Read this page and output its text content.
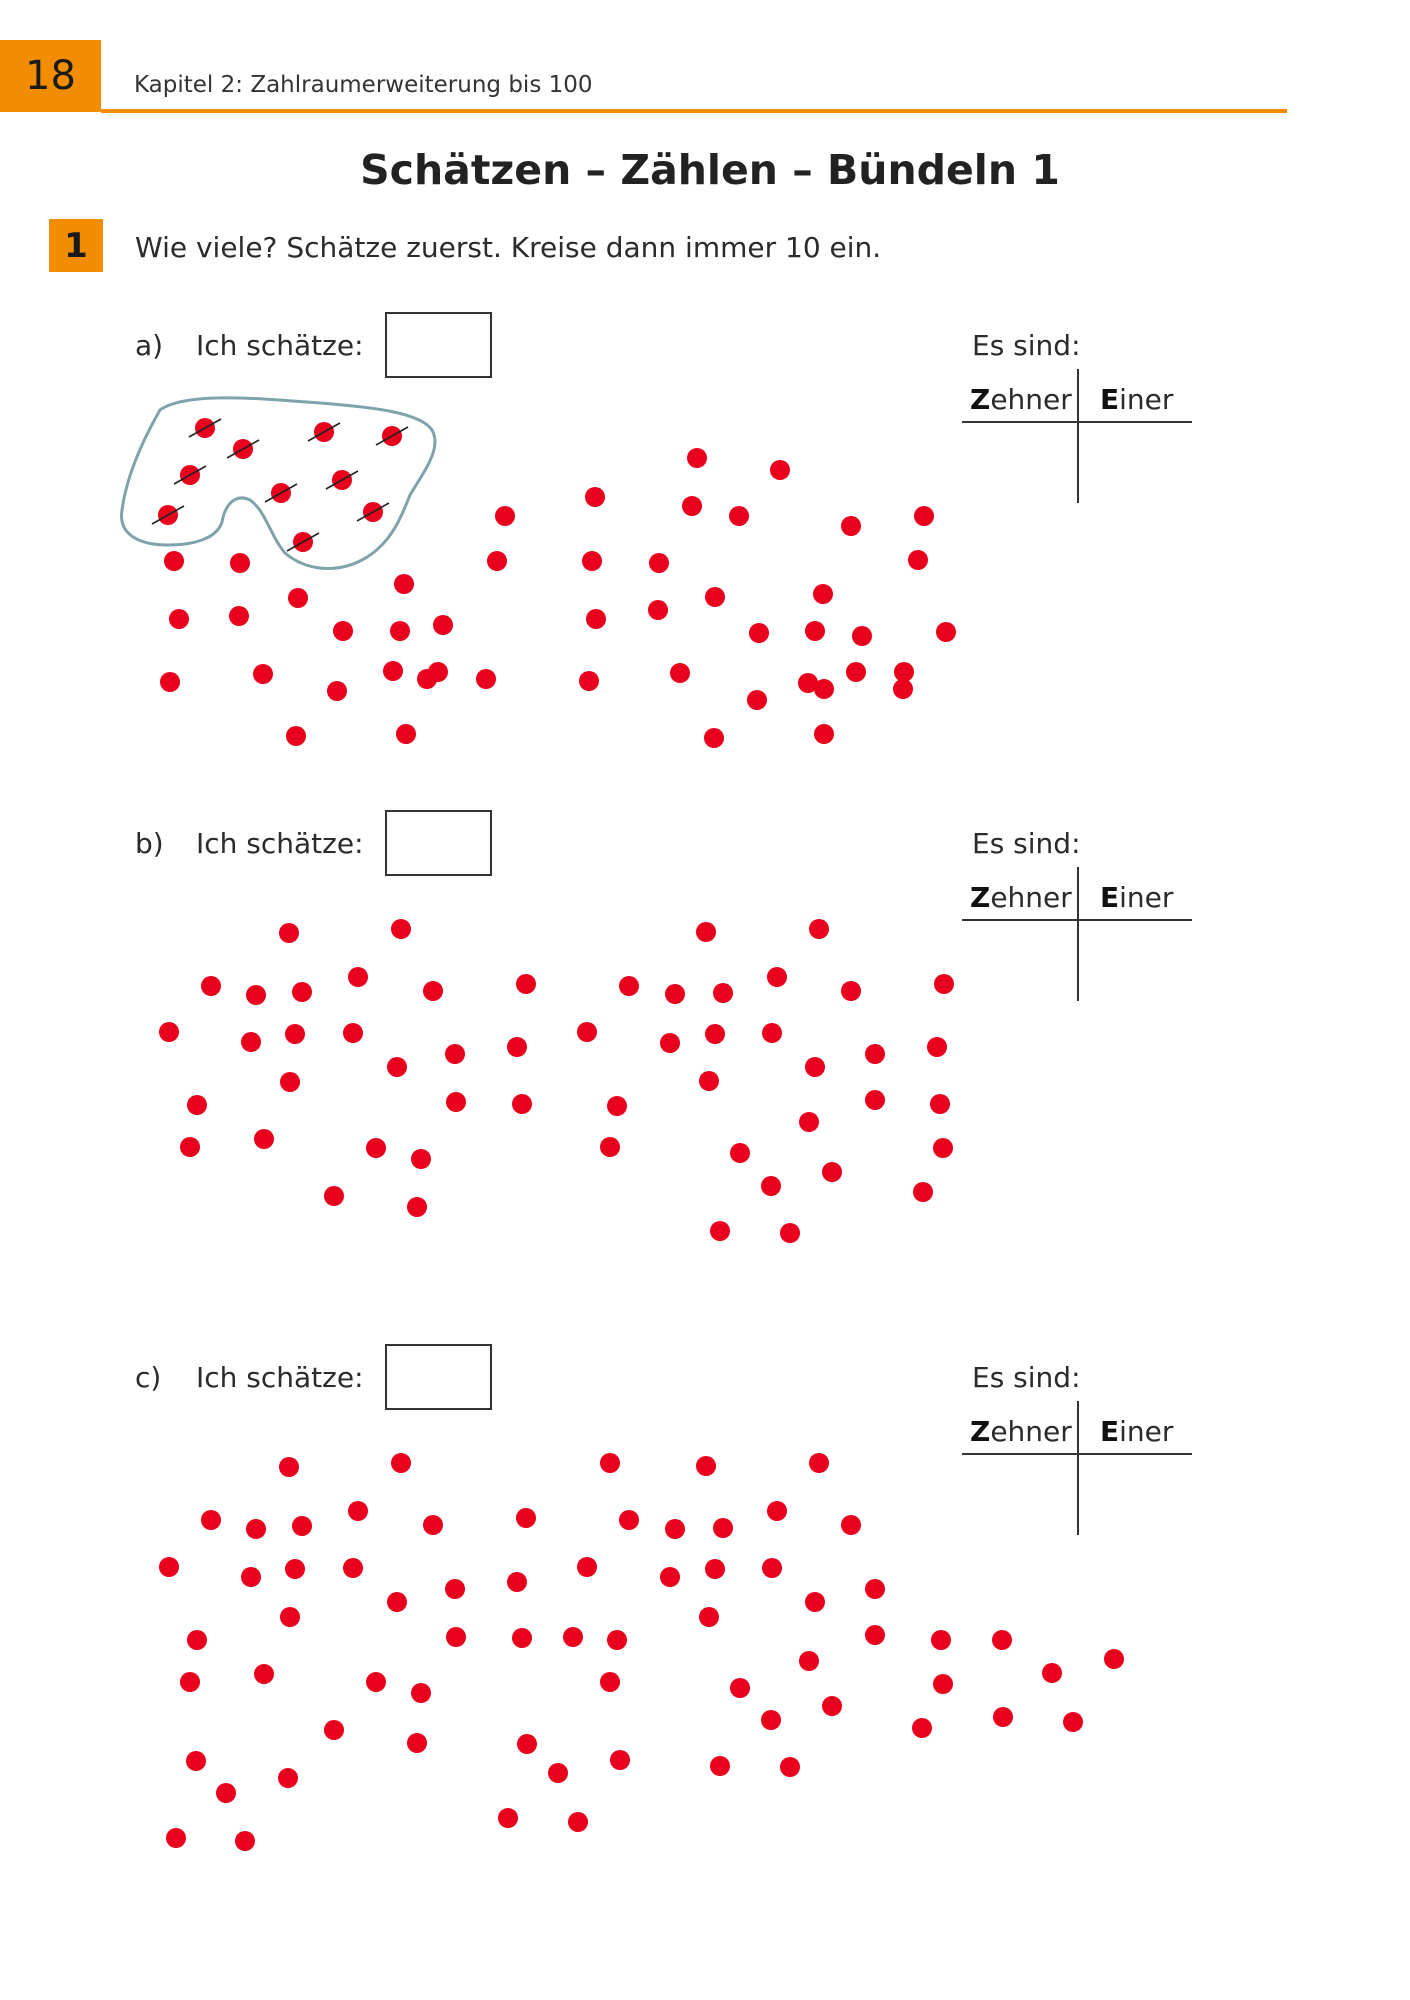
18	Kapitel 2: Zahlraumerweiterung bis 100
Schätzen – Zählen – Bündeln 1
1	Wie viele? Schätze zuerst. Kreise dann immer 10 ein.
a) Ich schätze:	Es sind:
Zehner Einer
b) Ich schätze:	Es sind:
Zehner Einer
c) Ich schätze:	Es sind:
Zehner Einer
